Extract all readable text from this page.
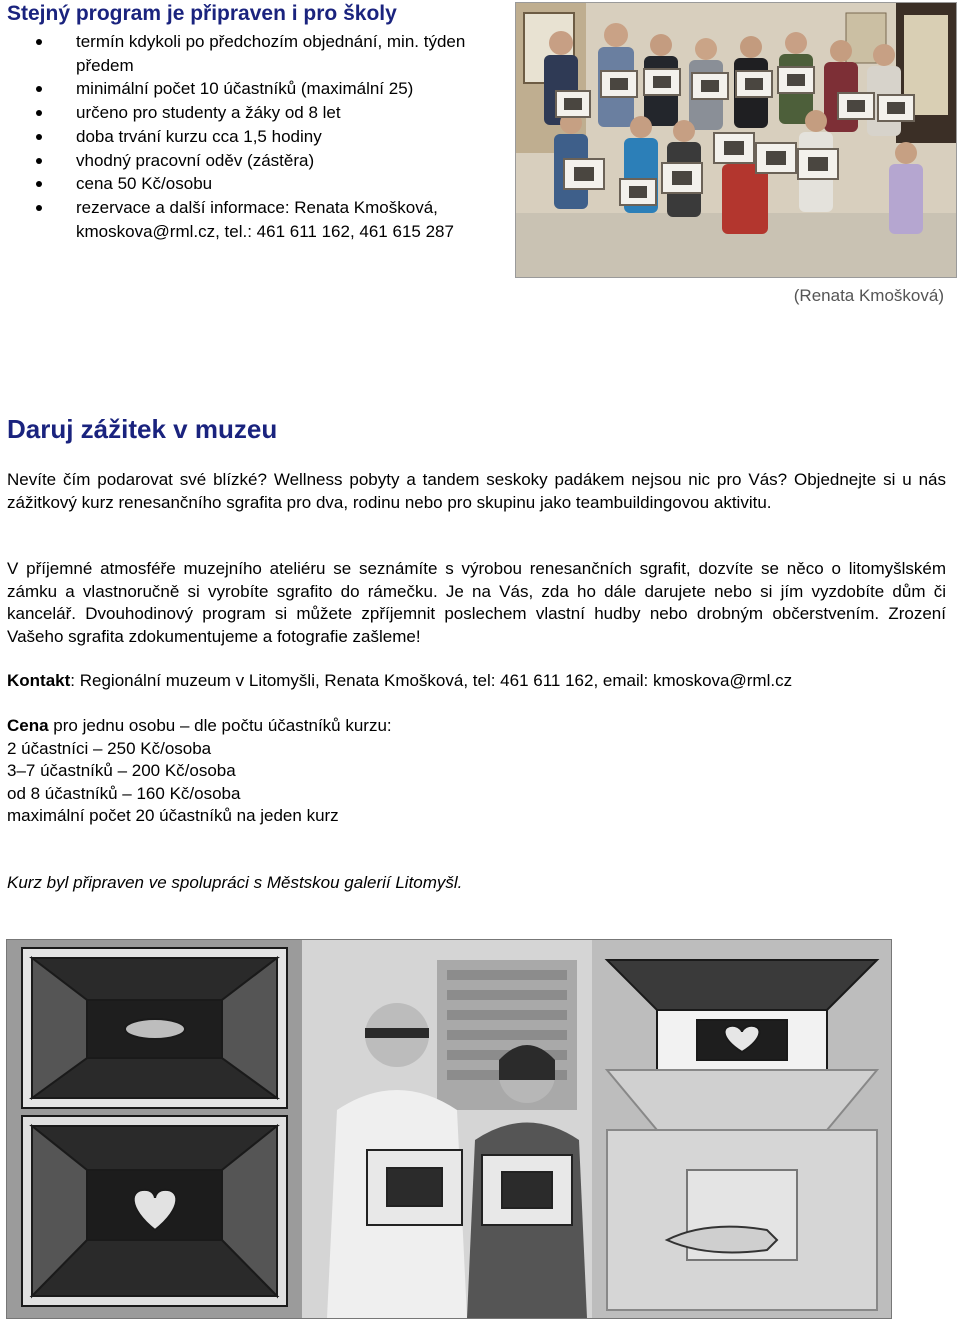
Stejný program je připraven i pro školy
termín kdykoli po předchozím objednání, min. týden předem
minimální počet 10 účastníků (maximální 25)
určeno pro studenty a žáky od 8 let
doba trvání kurzu cca 1,5 hodiny
vhodný pracovní oděv (zástěra)
cena 50 Kč/osobu
rezervace a další informace: Renata Kmošková, kmoskova@rml.cz, tel.: 461 611 162, 461 615 287
(Renata Kmošková)
Daruj zážitek v muzeu

Nevíte čím podarovat své blízké? Wellness pobyty a tandem seskoky padákem nejsou nic pro Vás? Objednejte si u nás zážitkový kurz renesančního sgrafita pro dva, rodinu nebo pro skupinu jako teambuildingovou aktivitu.

V příjemné atmosféře muzejního ateliéru se seznámíte s výrobou renesančních sgrafit, dozvíte se něco o litomyšlském zámku a vlastnoručně si vyrobíte sgrafito do rámečku. Je na Vás, zda ho dále darujete nebo si jím vyzdobíte dům či kancelář. Dvouhodinový program si můžete zpříjemnit poslechem vlastní hudby nebo drobným občerstvením. Zrození Vašeho sgrafita zdokumentujeme a fotografie zašleme!

Kontakt: Regionální muzeum v Litomyšli, Renata Kmošková, tel: 461 611 162, email: kmoskova@rml.cz

Cena pro jednu osobu – dle počtu účastníků kurzu:
2 účastníci – 250 Kč/osoba
3–7 účastníků – 200 Kč/osoba
od 8 účastníků – 160 Kč/osoba
maximální počet 20 účastníků na jeden kurz

Kurz byl připraven ve spolupráci s Městskou galerií Litomyšl.
